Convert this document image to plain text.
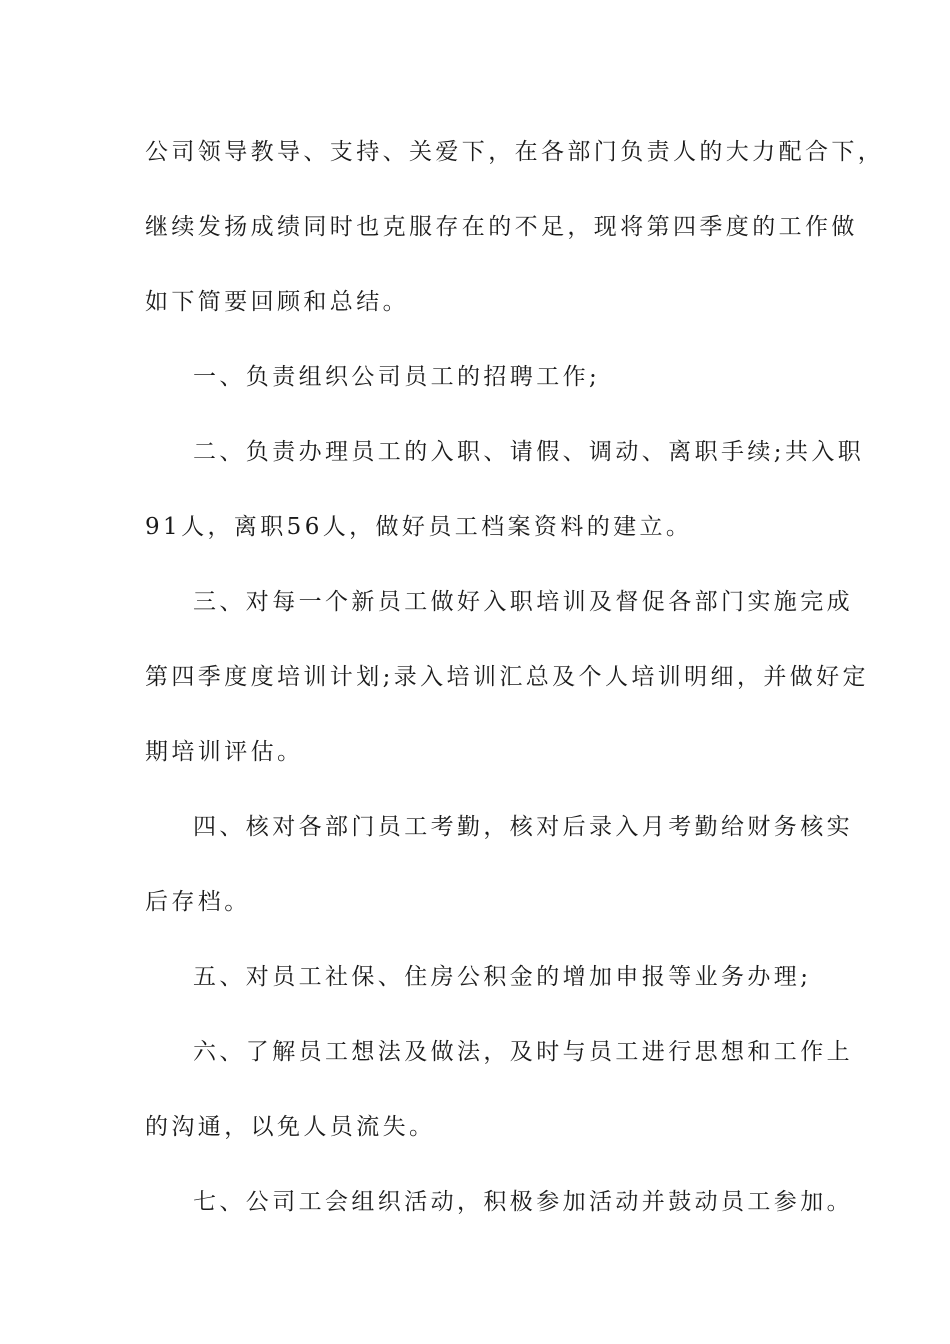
公司领导教导、支持、关爱下，在各部门负责人的大力配合下，
继续发扬成绩同时也克服存在的不足，现将第四季度的工作做
如下简要回顾和总结。
一、负责组织公司员工的招聘工作;
二、负责办理员工的入职、请假、调动、离职手续;共入职
91人，离职56人，做好员工档案资料的建立。
三、对每一个新员工做好入职培训及督促各部门实施完成
第四季度度培训计划;录入培训汇总及个人培训明细，并做好定
期培训评估。
四、核对各部门员工考勤，核对后录入月考勤给财务核实
后存档。
五、对员工社保、住房公积金的增加申报等业务办理;
六、了解员工想法及做法，及时与员工进行思想和工作上
的沟通，以免人员流失。
七、公司工会组织活动，积极参加活动并鼓动员工参加。
